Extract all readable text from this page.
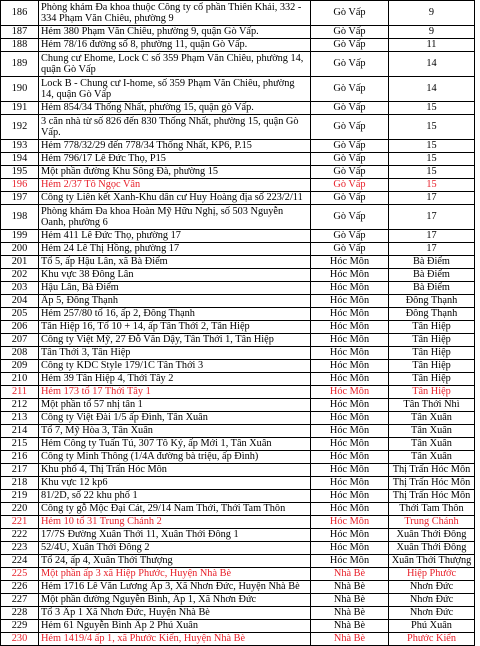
186	Phòng khám Đa khoa thuộc Công ty cổ phần Thiên Khải, 332 - 334 Phạm Văn Chiêu, phường 9	Gò Vấp	9
187	Hẻm 380 Phạm Văn Chiêu, phường 9, quận Gò Vấp.	Gò Vấp	9
188	Hẻm 78/16 đường số 8, phường 11, quận Gò Vấp.	Gò Vấp	11
189	Chung cư Ehome, Lock C số 359 Phạm Văn Chiêu, phường 14, quận Gò Vấp	Gò Vấp	14
190	Lock B - Chung cư I-home, số 359 Phạm Văn Chiêu, phường 14, quận Gò Vấp	Gò Vấp	14
191	Hẻm 854/34 Thống Nhất, phường 15, quận gò Vấp.	Gò Vấp	15
192	3 căn nhà từ số 826 đến 830 Thống Nhất, phường 15, quận Gò Vấp.	Gò Vấp	15
193	Hẻm 778/32/29 đến 778/34 Thống Nhất, KP6, P.15	Gò Vấp	15
194	Hẻm 796/17 Lê Đức Thọ, P15	Gò Vấp	15
195	Một phần đường Khu Sông Đà, phường 15	Gò Vấp	15
196	Hẻm 2/37 Tô Ngọc Vân	Gò Vấp	15
197	Công ty Liên kết Xanh-Khu dân cư Huy Hoàng địa số 223/2/11	Gò Vấp	17
198	Phòng khám Đa khoa Hoàn Mỹ Hữu Nghị, số 503 Nguyễn Oanh, phường 6	Gò Vấp	17
199	Hẻm 411 Lê Đức Thọ, phường 17	Gò Vấp	17
200	Hẻm 24 Lê Thị Hồng, phường 17	Gò Vấp	17
201	Tổ 5, ấp Hậu Lân, xã Bà Điểm	Hóc Môn	Bà Điểm
202	Khu vực 38 Đông Lân	Hóc Môn	Bà Điểm
203	Hậu Lân, Bà Điểm	Hóc Môn	Bà Điểm
204	Ấp 5, Đông Thạnh	Hóc Môn	Đông Thạnh
205	Hẻm 257/80 tổ 16, ấp 2, Đông Thạnh	Hóc Môn	Đông Thạnh
206	Tân Hiệp 16, Tổ 10 + 14, ấp Tân Thới 2, Tân Hiệp	Hóc Môn	Tân Hiệp
207	Công ty Việt Mỹ, 27 Đỗ Văn Dậy, Tân Thới 1, Tân Hiệp	Hóc Môn	Tân Hiệp
208	Tân Thới 3, Tân Hiệp	Hóc Môn	Tân Hiệp
209	Công ty KDC Style 179/1C Tân Thới 3	Hóc Môn	Tân Hiệp
210	Hẻm 39 Tân Hiệp 4, Thới Tây 2	Hóc Môn	Tân Hiệp
211	Hẻm 173 tổ 17 Thới Tây 1	Hóc Môn	Tân Hiệp
212	Một phần tổ 57 nhị tân 1	Hóc Môn	Tân Thới Nhì
213	Công ty Việt Đài 1/5 ấp Đình, Tân Xuân	Hóc Môn	Tân Xuân
214	Tổ 7, Mỹ Hòa 3, Tân Xuân	Hóc Môn	Tân Xuân
215	Hẻm Công ty Tuấn Tú, 307 Tô Ký, ấp Mới 1, Tân Xuân	Hóc Môn	Tân Xuân
216	Công ty Minh Thông (1/4A đường bà triệu, ấp Đình)	Hóc Môn	Tân Xuân
217	Khu phố 4, Thị Trấn Hóc Môn	Hóc Môn	Thị Trấn Hóc Môn
218	Khu vực 12 kp6	Hóc Môn	Thị Trấn Hóc Môn
219	81/2D, số 22 khu phố 1	Hóc Môn	Thị Trấn Hóc Môn
220	Công ty gỗ Mộc Đại Cát, 29/14 Nam Thới, Thới Tam Thôn	Hóc Môn	Thới Tam Thôn
221	Hẻm 10 tổ 31 Trung Chánh 2	Hóc Môn	Trung Chánh
222	17/7S Đường Xuân Thới 11, Xuân Thới Đông 1	Hóc Môn	Xuân Thới Đông
223	52/4U, Xuân Thới Đông 2	Hóc Môn	Xuân Thới Đông
224	Tổ 24, ấp 4, Xuân Thới Thượng	Hóc Môn	Xuân Thới Thượng
225	Một phần ấp 3 xã Hiệp Phước, Huyện Nhà Bè	Nhà Bè	Hiệp Phước
226	Hẻm 1716 Lê Văn Lương Ấp 3, Xã Nhơn Đức, Huyện Nhà Bè	Nhà Bè	Nhơn Đức
227	Một phần đường Nguyễn Bình, Ấp 1, Xã Nhơn Đức	Nhà Bè	Nhơn Đức
228	Tổ 3 Ấp 1 Xã Nhơn Đức, Huyện Nhà Bè	Nhà Bè	Nhơn Đức
229	Hẻm 61 Nguyễn Bình Ấp 2 Phú Xuân	Nhà Bè	Phú Xuân
230	Hẻm 1419/4 ấp 1, xã Phước Kiển, Huyện Nhà Bè	Nhà Bè	Phước Kiển
